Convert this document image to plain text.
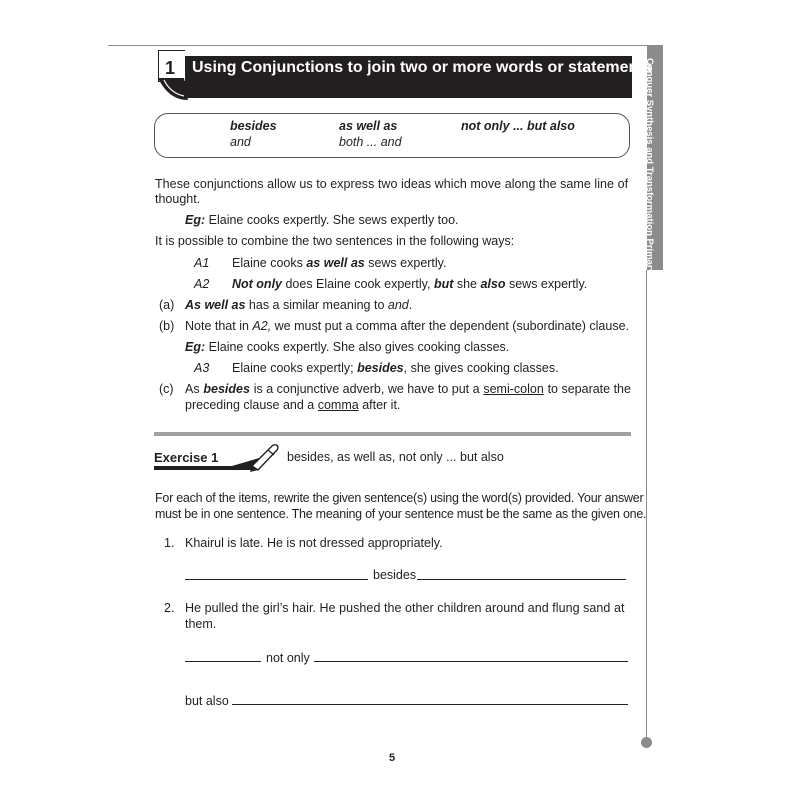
Conquer Synthesis and Transformation Primary 6
1 Using Conjunctions to join two or more words or statements
besides	as well as	not only ... but also
and	both ... and
These conjunctions allow us to express two ideas which move along the same line of
thought.
Eg: Elaine cooks expertly. She sews expertly too.
It is possible to combine the two sentences in the following ways:
A1 Elaine cooks as well as sews expertly.
A2 Not only does Elaine cook expertly, but she also sews expertly.
(a) As well as has a similar meaning to and.
(b) Note that in A2, we must put a comma after the dependent (subordinate) clause.
Eg: Elaine cooks expertly. She also gives cooking classes.
A3 Elaine cooks expertly; besides, she gives cooking classes.
(c) As besides is a conjunctive adverb, we have to put a semi-colon to separate the
preceding clause and a comma after it.
Exercise 1	besides, as well as, not only ... but also
For each of the items, rewrite the given sentence(s) using the word(s) provided. Your answer
must be in one sentence. The meaning of your sentence must be the same as the given one.
1. Khairul is late. He is not dressed appropriately.
besides
2. He pulled the girl’s hair. He pushed the other children around and flung sand at
them.
not only
but also
5
